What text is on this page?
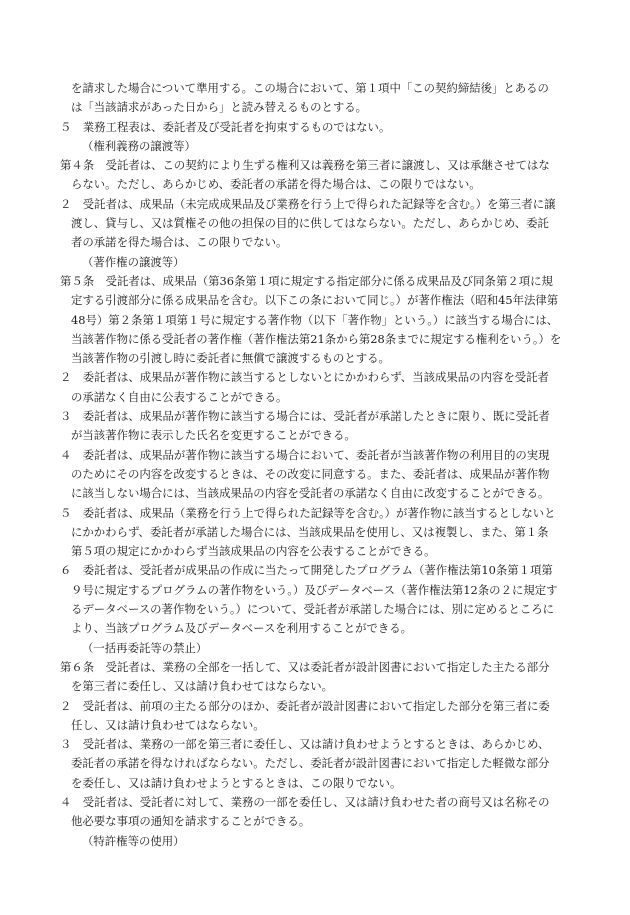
を請求した場合について準用する。この場合において、第１項中「この契約締結後」とあるの
は「当該請求があった日から」と読み替えるものとする。
５　業務工程表は、委託者及び受託者を拘束するものではない。
（権利義務の譲渡等）
第４条　受託者は、この契約により生ずる権利又は義務を第三者に譲渡し、又は承継させてはな
らない。ただし、あらかじめ、委託者の承諾を得た場合は、この限りではない。
２　受託者は、成果品（未完成成果品及び業務を行う上で得られた記録等を含む。）を第三者に譲
渡し、貸与し、又は質権その他の担保の目的に供してはならない。ただし、あらかじめ、委託
者の承諾を得た場合は、この限りでない。
（著作権の譲渡等）
第５条　受託者は、成果品（第36条第１項に規定する指定部分に係る成果品及び同条第２項に規
定する引渡部分に係る成果品を含む。以下この条において同じ。）が著作権法（昭和45年法律第
48号）第２条第１項第１号に規定する著作物（以下「著作物」という。）に該当する場合には、
当該著作物に係る受託者の著作権（著作権法第21条から第28条までに規定する権利をいう。）を
当該著作物の引渡し時に委託者に無償で譲渡するものとする。
２　委託者は、成果品が著作物に該当するとしないとにかかわらず、当該成果品の内容を受託者
の承諾なく自由に公表することができる。
３　委託者は、成果品が著作物に該当する場合には、受託者が承諾したときに限り、既に受託者
が当該著作物に表示した氏名を変更することができる。
４　委託者は、成果品が著作物に該当する場合において、委託者が当該著作物の利用目的の実現
のためにその内容を改変するときは、その改変に同意する。また、委託者は、成果品が著作物
に該当しない場合には、当該成果品の内容を受託者の承諾なく自由に改変することができる。
５　委託者は、成果品（業務を行う上で得られた記録等を含む。）が著作物に該当するとしないと
にかかわらず、委託者が承諾した場合には、当該成果品を使用し、又は複製し、また、第１条
第５項の規定にかかわらず当該成果品の内容を公表することができる。
６　委託者は、受託者が成果品の作成に当たって開発したプログラム（著作権法第10条第１項第
９号に規定するプログラムの著作物をいう。）及びデータベース（著作権法第12条の２に規定す
るデータベースの著作物をいう。）について、受託者が承諾した場合には、別に定めるところに
より、当該プログラム及びデータベースを利用することができる。
（一括再委託等の禁止）
第６条　受託者は、業務の全部を一括して、又は委託者が設計図書において指定した主たる部分
を第三者に委任し、又は請け負わせてはならない。
２　受託者は、前項の主たる部分のほか、委託者が設計図書において指定した部分を第三者に委
任し、又は請け負わせてはならない。
３　受託者は、業務の一部を第三者に委任し、又は請け負わせようとするときは、あらかじめ、
委託者の承諾を得なければならない。ただし、委託者が設計図書において指定した軽微な部分
を委任し、又は請け負わせようとするときは、この限りでない。
４　受託者は、受託者に対して、業務の一部を委任し、又は請け負わせた者の商号又は名称その
他必要な事項の通知を請求することができる。
（特許権等の使用）
